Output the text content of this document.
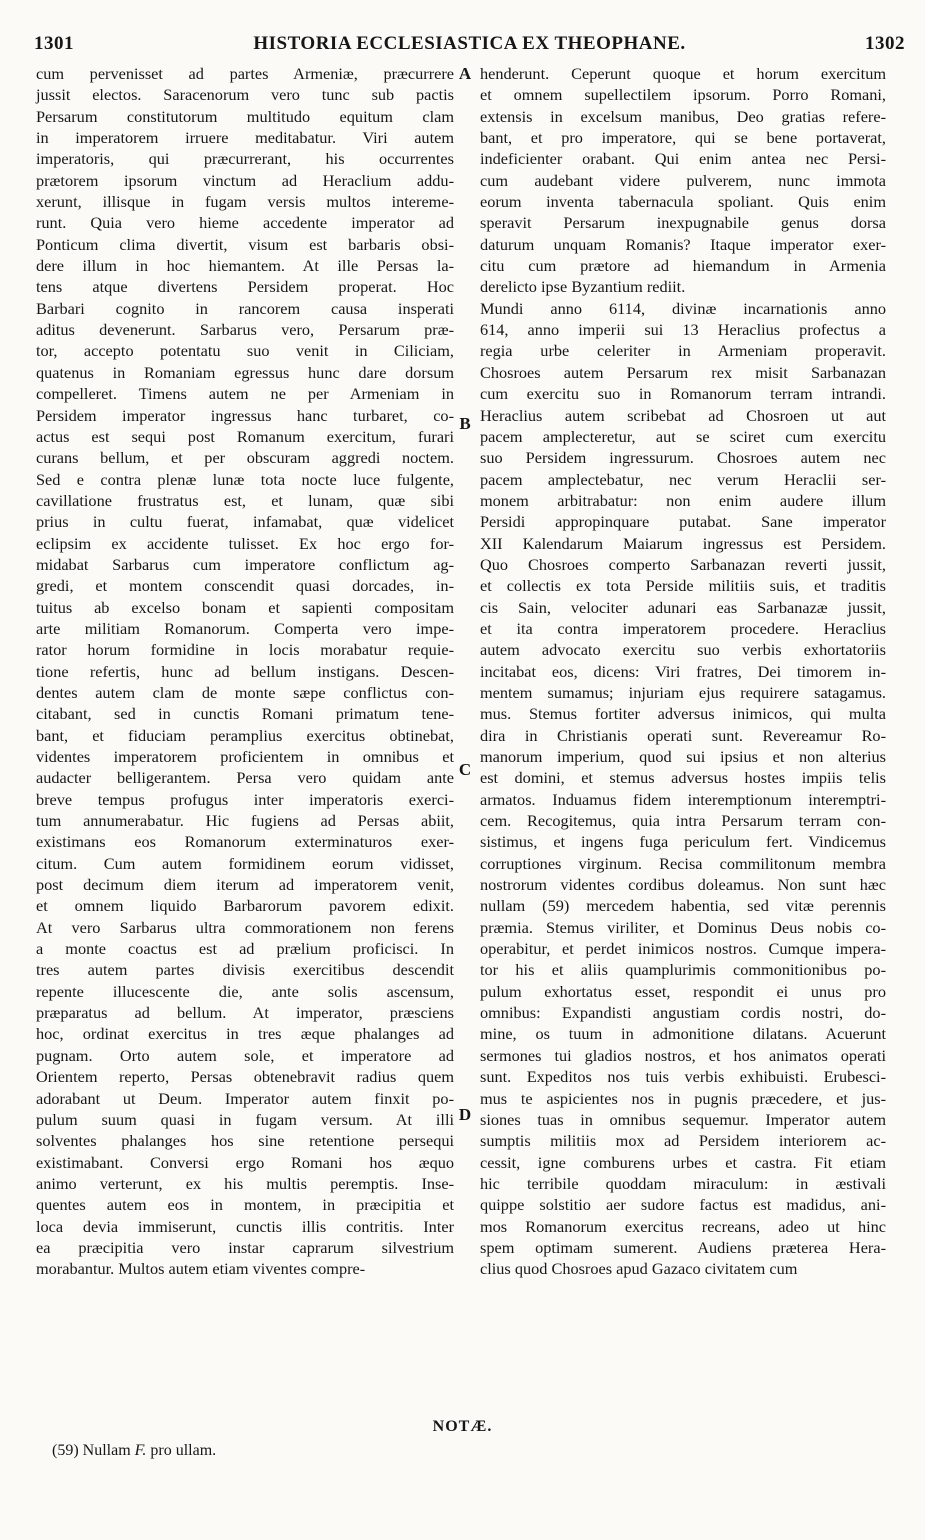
1301	HISTORIA ECCLESIASTICA EX THEOPHANE.	1302
cum pervenisset ad partes Armeniæ, præcurrere
jussit electos. Saracenorum vero tunc sub pactis
Persarum constitutorum multitudo equitum clam
in imperatorem irruere meditabatur. Viri autem
imperatoris, qui præcurrerant, his occurrentes
prætorem ipsorum vinctum ad Heraclium addu-
xerunt, illisque in fugam versis multos intereme-
runt. Quia vero hieme accedente imperator ad
Ponticum clima divertit, visum est barbaris obsi-
dere illum in hoc hiemantem. At ille Persas la-
tens atque divertens Persidem properat. Hoc
Barbari cognito in rancorem causa insperati
aditus devenerunt. Sarbarus vero, Persarum præ-
tor, accepto potentatu suo venit in Ciliciam,
quatenus in Romaniam egressus hunc dare dorsum
compelleret. Timens autem ne per Armeniam in
Persidem imperator ingressus hanc turbaret, co-
actus est sequi post Romanum exercitum, furari
curans bellum, et per obscuram aggredi noctem.
Sed e contra plenæ lunæ tota nocte luce fulgente,
cavillatione frustratus est, et lunam, quæ sibi
prius in cultu fuerat, infamabat, quæ videlicet
eclipsim ex accidente tulisset. Ex hoc ergo for-
midabat Sarbarus cum imperatore conflictum ag-
gredi, et montem conscendit quasi dorcades, in-
tuitus ab excelso bonam et sapienti compositam
arte militiam Romanorum. Comperta vero impe-
rator horum formidine in locis morabatur requie-
tione refertis, hunc ad bellum instigans. Descen-
dentes autem clam de monte sæpe conflictus con-
citabant, sed in cunctis Romani primatum tene-
bant, et fiduciam peramplius exercitus obtinebat,
videntes imperatorem proficientem in omnibus et
audacter belligerantem. Persa vero quidam ante
breve tempus profugus inter imperatoris exerci-
tum annumerabatur. Hic fugiens ad Persas abiit,
existimans eos Romanorum exterminaturos exer-
citum. Cum autem formidinem eorum vidisset,
post decimum diem iterum ad imperatorem venit,
et omnem liquido Barbarorum pavorem edixit.
At vero Sarbarus ultra commorationem non ferens
a monte coactus est ad prælium proficisci. In
tres autem partes divisis exercitibus descendit
repente illucescente die, ante solis ascensum,
præparatus ad bellum. At imperator, præsciens
hoc, ordinat exercitus in tres æque phalanges ad
pugnam. Orto autem sole, et imperatore ad
Orientem reperto, Persas obtenebravit radius quem
adorabant ut Deum. Imperator autem finxit po-
pulum suum quasi in fugam versum. At illi
solventes phalanges hos sine retentione persequi
existimabant. Conversi ergo Romani hos æquo
animo verterunt, ex his multis peremptis. Inse-
quentes autem eos in montem, in præcipitia et
loca devia immiserunt, cunctis illis contritis. Inter
ea præcipitia vero instar caprarum silvestrium
morabantur. Multos autem etiam viventes compre-
henderunt. Ceperunt quoque et horum exercitum
et omnem supellectilem ipsorum. Porro Romani,
extensis in excelsum manibus, Deo gratias refere-
bant, et pro imperatore, qui se bene portaverat,
indeficienter orabant. Qui enim antea nec Persi-
cum audebant videre pulverem, nunc immota
eorum inventa tabernacula spoliant. Quis enim
speravit Persarum inexpugnabile genus dorsa
daturum unquam Romanis? Itaque imperator exer-
citu cum prætore ad hiemandum in Armenia
derelicto ipse Byzantium rediit.
Mundi anno 6114, divinæ incarnationis anno
614, anno imperii sui 13 Heraclius profectus a
regia urbe celeriter in Armeniam properavit.
Chosroes autem Persarum rex misit Sarbanazan
cum exercitu suo in Romanorum terram intrandi.
Heraclius autem scribebat ad Chosroen ut aut
pacem amplecteretur, aut se sciret cum exercitu
suo Persidem ingressurum. Chosroes autem nec
pacem amplectebatur, nec verum Heraclii ser-
monem arbitrabatur: non enim audere illum
Persidi appropinquare putabat. Sane imperator
XII Kalendarum Maiarum ingressus est Persidem.
Quo Chosroes comperto Sarbanazan reverti jussit,
et collectis ex tota Perside militiis suis, et traditis
cis Sain, velociter adunari eas Sarbanazæ jussit,
et ita contra imperatorem procedere. Heraclius
autem advocato exercitu suo verbis exhortatoriis
incitabat eos, dicens: Viri fratres, Dei timorem in-
mentem sumamus; injuriam ejus requirere satagamus.
mus. Stemus fortiter adversus inimicos, qui multa
dira in Christianis operati sunt. Revereamur Ro-
manorum imperium, quod sui ipsius et non alterius
est domini, et stemus adversus hostes impiis telis
armatos. Induamus fidem interemptionum interemptri-
cem. Recogitemus, quia intra Persarum terram con-
sistimus, et ingens fuga periculum fert. Vindicemus
corruptiones virginum. Recisa commilitonum membra
nostrorum videntes cordibus doleamus. Non sunt hæc
nullam (59) mercedem habentia, sed vitæ perennis
præmia. Stemus viriliter, et Dominus Deus nobis co-
operabitur, et perdet inimicos nostros. Cumque impera-
tor his et aliis quamplurimis commonitionibus po-
pulum exhortatus esset, respondit ei unus pro
omnibus: Expandisti angustiam cordis nostri, do-
mine, os tuum in admonitione dilatans. Acuerunt
sermones tui gladios nostros, et hos animatos operati
sunt. Expeditos nos tuis verbis exhibuisti. Erubesci-
mus te aspicientes nos in pugnis præcedere, et jus-
siones tuas in omnibus sequemur. Imperator autem
sumptis militiis mox ad Persidem interiorem ac-
cessit, igne comburens urbes et castra. Fit etiam
hic terribile quoddam miraculum: in æstivali
quippe solstitio aer sudore factus est madidus, ani-
mos Romanorum exercitus recreans, adeo ut hinc
spem optimam sumerent. Audiens præterea Hera-
clius quod Chosroes apud Gazaco civitatem cum
A
B
C
D
NOTÆ.
(59) Nullam F. pro ullam.
